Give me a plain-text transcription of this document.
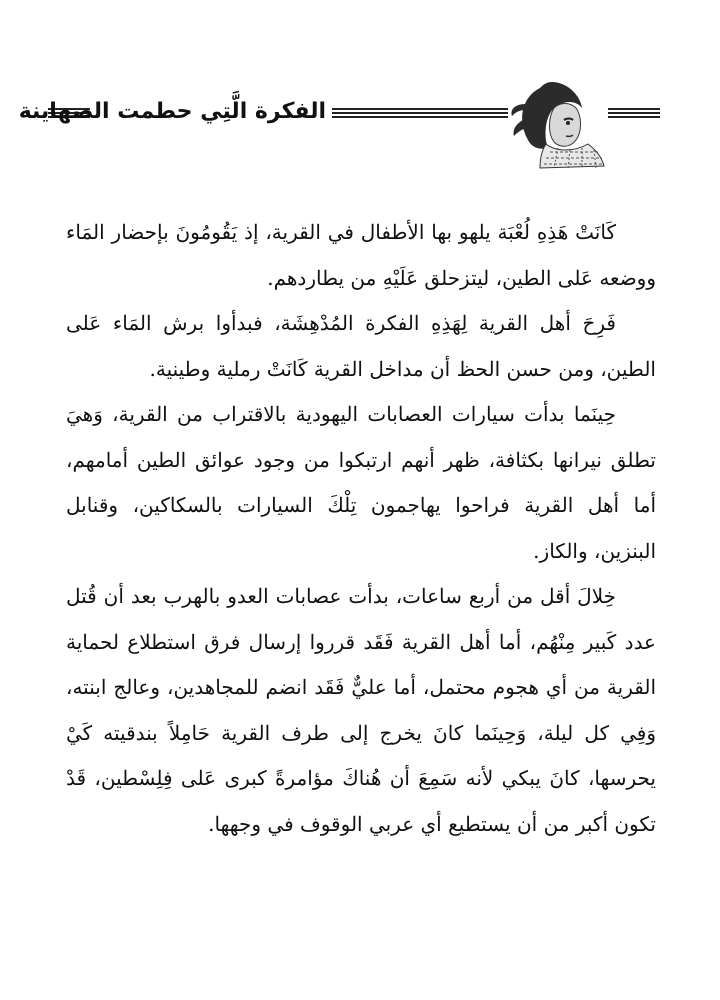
الفكرة الَّتِي حطمت الصهاينة

كَانَتْ هَذِهِ لُعْبَة يلهو بها الأطفال في القرية، إذ يَقُومُونَ بإحضار المَاء ووضعه عَلى الطين، ليتزحلق عَلَيْهِ من يطاردهم.

فَرِحَ أهل القرية لِهَذِهِ الفكرة المُدْهِشَة، فبدأوا برش المَاء عَلى الطين، ومن حسن الحظ أن مداخل القرية كَانَتْ رملية وطينية.

حِينَما بدأت سيارات العصابات اليهودية بالاقتراب من القرية، وَهيَ تطلق نيرانها بكثافة، ظهر أنهم ارتبكوا من وجود عوائق الطين أمامهم، أما أهل القرية فراحوا يهاجمون تِلْكَ السيارات بالسكاكين، وقنابل البنزين، والكاز.

خِلالَ أقل من أربع ساعات، بدأت عصابات العدو بالهرب بعد أن قُتل عدد كَبير مِنْهُم، أما أهل القرية فَقَد قرروا إرسال فرق استطلاع لحماية القرية من أي هجوم محتمل، أما عليٌّ فَقَد انضم للمجاهدين، وعالج ابنته، وَفِي كل ليلة، وَحِينَما كانَ يخرج إلى طرف القرية حَامِلاً بندقيته كَيْ يحرسها، كانَ يبكي لأنه سَمِعَ أن هُناكَ مؤامرةً كبرى عَلى فِلِسْطين، قَدْ تكون أكبر من أن يستطيع أي عربي الوقوف في وجهها.
